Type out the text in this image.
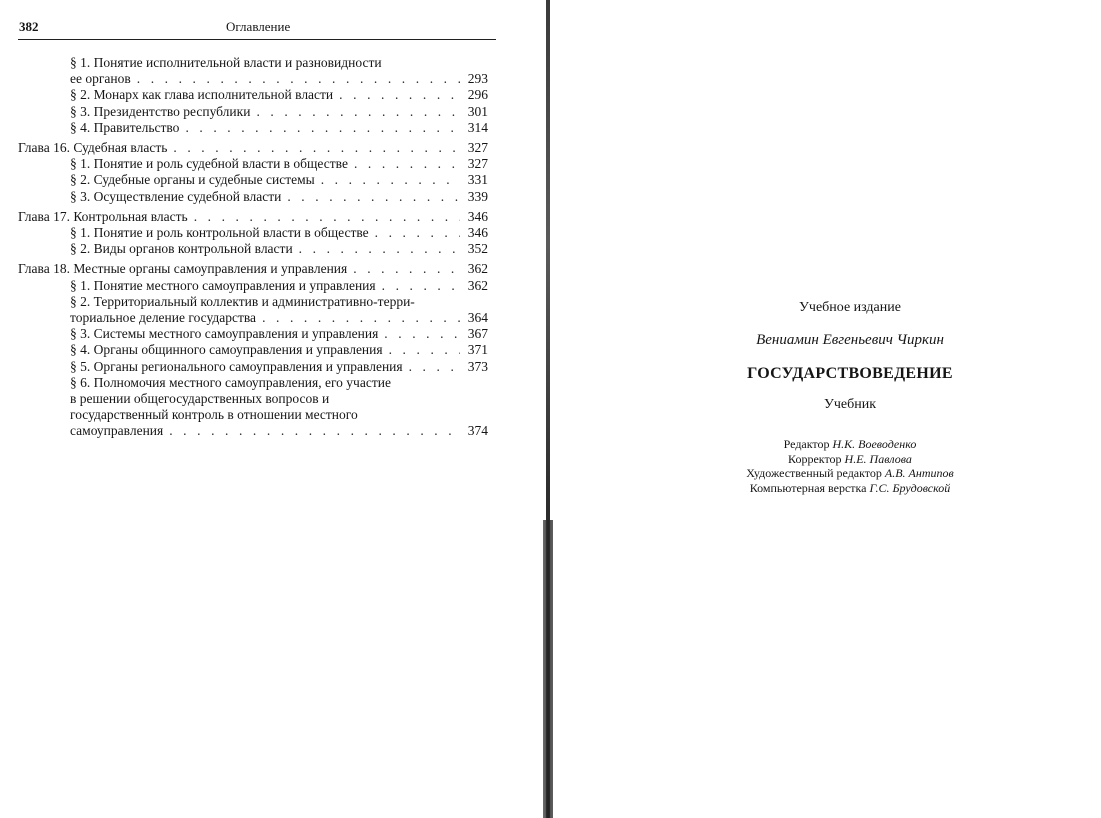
382	Оглавление
§ 1. Понятие исполнительной власти и разновидности
ее органов . . .	293
§ 2. Монарх как глава исполнительной власти . . .	296
§ 3. Президентство республики . . .	301
§ 4. Правительство . . .	314
Глава 16. Судебная власть . . .	327
§ 1. Понятие и роль судебной власти в обществе . . .	327
§ 2. Судебные органы и судебные системы . . .	331
§ 3. Осуществление судебной власти . . .	339
Глава 17. Контрольная власть . . .	346
§ 1. Понятие и роль контрольной власти в обществе . . .	346
§ 2. Виды органов контрольной власти . . .	352
Глава 18. Местные органы самоуправления и управления . . .	362
§ 1. Понятие местного самоуправления и управления . . .	362
§ 2. Территориальный коллектив и административно-терри-
ториальное деление государства . . .	364
§ 3. Системы местного самоуправления и управления . . .	367
§ 4. Органы общинного самоуправления и управления . . .	371
§ 5. Органы регионального самоуправления и управления . . .	373
§ 6. Полномочия местного самоуправления, его участие
в решении общегосударственных вопросов и
государственный контроль в отношении местного
самоуправления . . .	374
Учебное издание
Вениамин Евгеньевич Чиркин
ГОСУДАРСТВОВЕДЕНИЕ
Учебник
Редактор Н.К. Воеводенко
Корректор Н.Е. Павлова
Художественный редактор А.В. Антипов
Компьютерная верстка Г.С. Брудовской
